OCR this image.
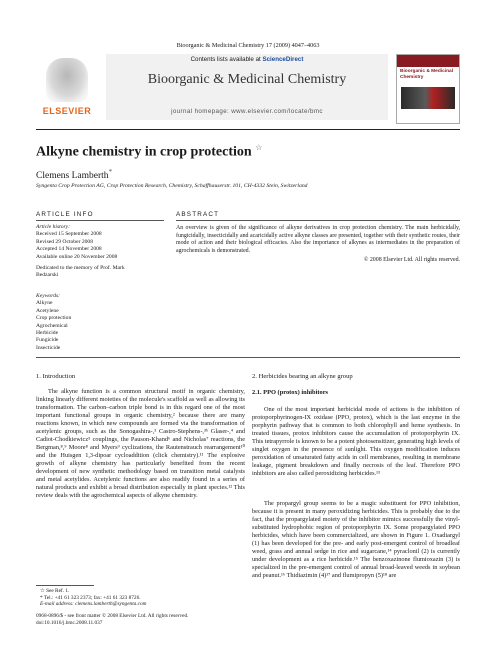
Bioorganic & Medicinal Chemistry 17 (2009) 4047–4063
ELSEVIER
Contents lists available at ScienceDirect
Bioorganic & Medicinal Chemistry
journal homepage: www.elsevier.com/locate/bmc
Bioorganic & Medicinal Chemistry
Alkyne chemistry in crop protection ☆
Clemens Lamberth*
Syngenta Crop Protection AG, Crop Protection Research, Chemistry, Schaffhauserstr. 101, CH-4332 Stein, Switzerland
ARTICLE INFO	ABSTRACT
Article history:
Received 15 September 2008
Revised 29 October 2008
Accepted 14 November 2008
Available online 20 November 2008
Dedicated to the memory of Prof. Mark Bedzarski
Keywords:
Alkyne
Acetylene
Crop protection
Agrochemical
Herbicide
Fungicide
Insecticide
An overview is given of the significance of alkyne derivatives in crop protection chemistry. The main herbicidally, fungicidally, insecticidally and acaricidally active alkyne classes are presented, together with their synthetic routes, their mode of action and their biological efficacies. Also the importance of alkynes as intermediates in the preparation of agrochemicals is demonstrated.
© 2008 Elsevier Ltd. All rights reserved.
1. Introduction
The alkyne function is a common structural motif in organic chemistry, linking linearly different moieties of the molecule's scaffold as well as allowing its transformation. The carbon–carbon triple bond is in this regard one of the most important functional groups in organic chemistry,² because there are many reactions known, in which new compounds are formed via the transformation of acetylenic groups, such as the Sonogashira-,³ Castro-Stephens-,³ᵇ Glaser-,⁴ and Cadiot-Chodkiewicz⁵ couplings, the Pauson-Khand⁶ and Nicholas⁷ reactions, the Bergman,⁸,⁹ Moore⁸ and Myers⁹ cyclizations, the Rautenstrauch rearrangement¹⁰ and the Huisgen 1,3-dipoar cycloaddition (click chemistry).¹¹ The explosive growth of alkyne chemistry has particularly benefited from the recent development of new synthetic methodology based on transition metal catalysts and metal acetylides. Acetylenic functions are also readily found in a series of natural products and exhibit a broad distribution especially in plant species.¹² This review deals with the agrochemical aspects of alkyne chemistry.
☆ See Ref. 1.
* Tel.: +41 61 323 2373; fax: +41 61 323 8726.
E-mail address: clemens.lamberth@syngenta.com
0968-0896/$ - see front matter © 2008 Elsevier Ltd. All rights reserved.
doi:10.1016/j.bmc.2008.11.037
2. Herbicides bearing an alkyne group
2.1. PPO (protox) inhibitors
One of the most important herbicidal mode of actions is the inhibition of protoporphyrinogen-IX oxidase (PPO, protox), which is the last enzyme in the porphyrin pathway that is common to both chlorophyll and heme synthesis. In treated tissues, protox inhibitors cause the accumulation of protoporphyrin IX. This tetrapyrrole is known to be a potent photosensitizer, generating high levels of singlet oxygen in the presence of sunlight. This oxygen modification induces peroxidation of unsaturated fatty acids in cell membranes, resulting in membrane leakage, pigment breakdown and finally necrosis of the leaf. Therefore PPO inhibitors are also called peroxidizing herbicides.¹³
The propargyl group seems to be a magic substituent for PPO inhibition, because it is present in many peroxidizing herbicides. This is probably due to the fact, that the propargylated moiety of the inhibitor mimics successfully the vinyl-substituted hydrophobic region of protoporphyrin IX. Some propargylated PPO herbicides, which have been commercialized, are shown in Figure 1. Oxadiargyl (1) has been developed for the pre- and early post-emergent control of broadleaf weed, grass and annual sedge in rice and sugarcane,¹⁴ pyraclonil (2) is currently under development as a rice herbicide.¹⁵ The benzoxazinone flumioxazin (3) is specialized in the pre-emergent control of annual broad-leaved weeds in soybean and peanut.¹⁶ Thidiazimin (4)¹⁷ and flumipropyn (5)¹⁸ are
